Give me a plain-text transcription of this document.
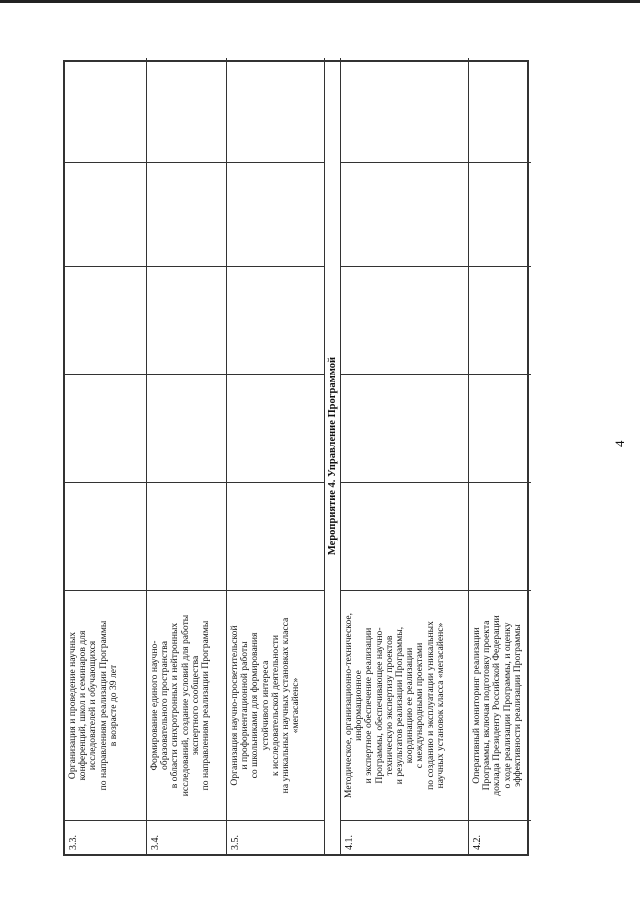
4
3.3.
Организация и проведение научных конференций, школ и семинаров для исследователей и обучающихся по направлениям реализации Программы в возрасте до 39 лет
3.4.
Формирование единого научно- образовательного пространства в области синхротронных и нейтронных исследований, создание условий для работы экспертного сообщества по направлениям реализации Программы
3.5.
Организация научно-просветительской и профориентационной работы со школьниками для формирования устойчивого интереса к исследовательской деятельности на уникальных научных установках класса «мегасайенс»
Мероприятие 4. Управление Программой
4.1.
Методическое, организационно-техническое, информационное и экспертное обеспечение реализации Программы, обеспечивающее научно- техническую экспертизу проектов и результатов реализации Программы, координацию ее реализации с международными проектами по созданию и эксплуатации уникальных научных установок класса «мегасайенс»
4.2.
Оперативный мониторинг реализации Программы, включая подготовку проекта доклада Президенту Российской Федерации о ходе реализации Программы, и оценку эффективности реализации Программы
